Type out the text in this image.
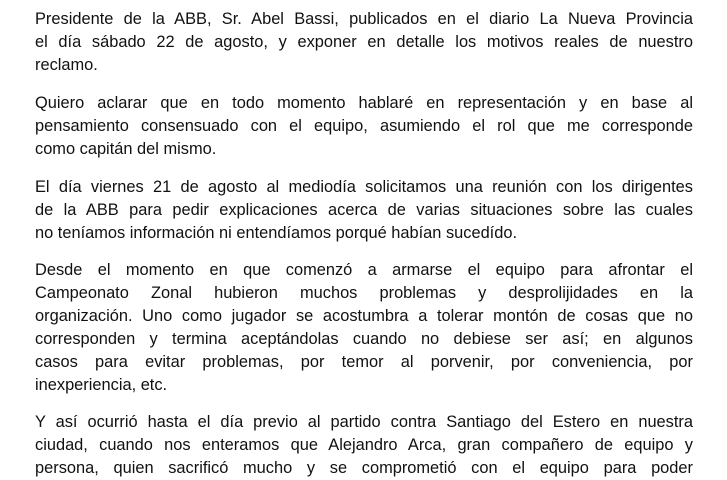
Presidente de la ABB, Sr. Abel Bassi, publicados en el diario La Nueva Provincia
el día sábado 22 de agosto, y exponer en detalle los motivos reales de nuestro
reclamo.
Quiero aclarar que en todo momento hablaré en representación y en base al
pensamiento consensuado con el equipo, asumiendo el rol que me corresponde
como capitán del mismo.
El día viernes 21 de agosto al mediodía solicitamos una reunión con los dirigentes
de la ABB para pedir explicaciones acerca de varias situaciones sobre las cuales
no teníamos información ni entendíamos porqué habían sucedído.
Desde el momento en que comenzó a armarse el equipo para afrontar el
Campeonato Zonal hubieron muchos problemas y desprolijidades en la
organización. Uno como jugador se acostumbra a tolerar montón de cosas que no
corresponden y termina aceptándolas cuando no debiese ser así; en algunos
casos para evitar problemas, por temor al porvenir, por conveniencia, por
inexperiencia, etc.
Y así ocurrió hasta el día previo al partido contra Santiago del Estero en nuestra
ciudad, cuando nos enteramos que Alejandro Arca, gran compañero de equipo y
persona, quien sacrificó mucho y se comprometió con el equipo para poder
